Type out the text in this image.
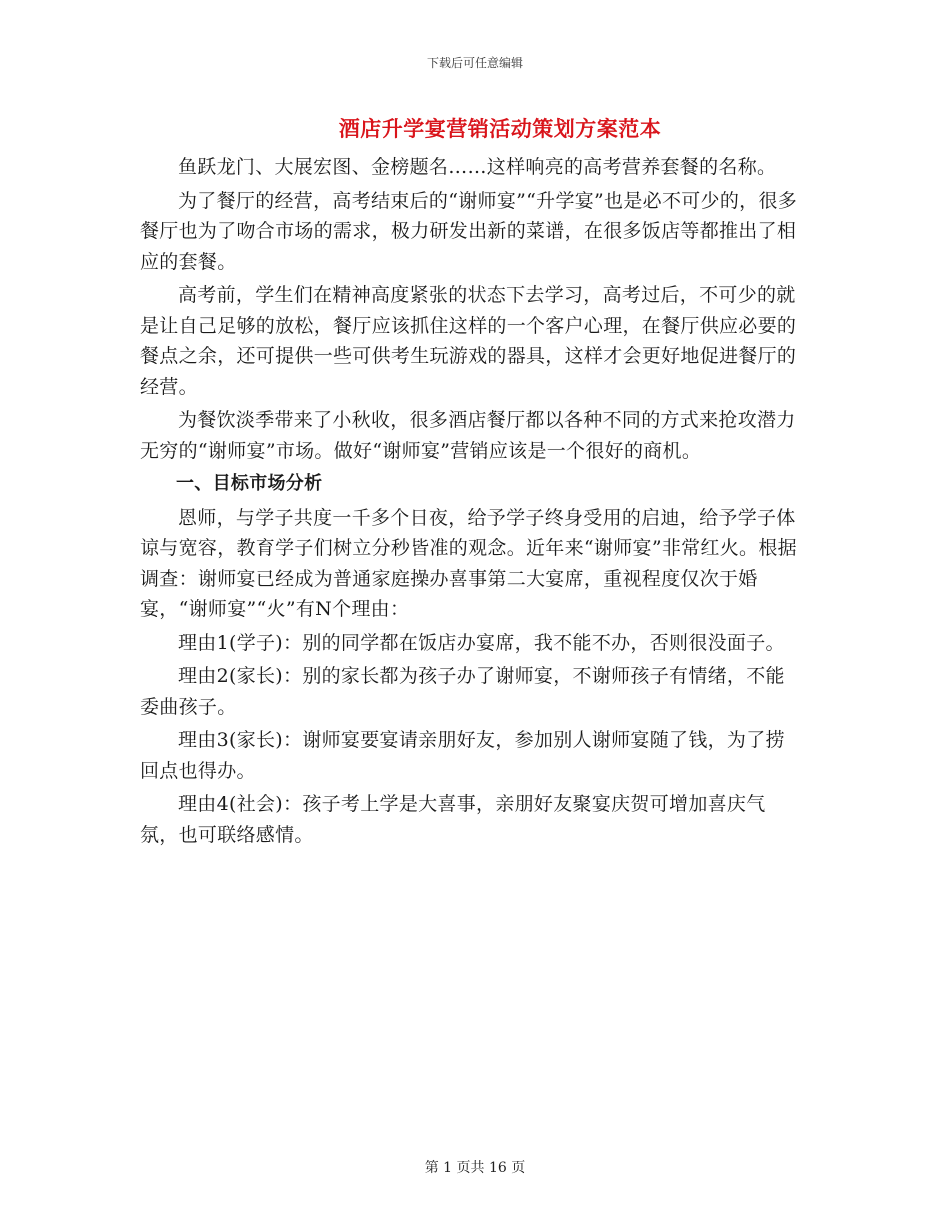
下载后可任意编辑
酒店升学宴营销活动策划方案范本

鱼跃龙门、大展宏图、金榜题名……这样响亮的高考营养套餐的名称。

为了餐厅的经营，高考结束后的“谢师宴”“升学宴”也是必不可少的，很多餐厅也为了吻合市场的需求，极力研发出新的菜谱，在很多饭店等都推出了相应的套餐。

高考前，学生们在精神高度紧张的状态下去学习，高考过后，不可少的就是让自己足够的放松，餐厅应该抓住这样的一个客户心理，在餐厅供应必要的餐点之余，还可提供一些可供考生玩游戏的器具，这样才会更好地促进餐厅的经营。

为餐饮淡季带来了小秋收，很多酒店餐厅都以各种不同的方式来抢攻潜力无穷的“谢师宴”市场。做好“谢师宴”营销应该是一个很好的商机。

一、目标市场分析

恩师，与学子共度一千多个日夜，给予学子终身受用的启迪，给予学子体谅与宽容，教育学子们树立分秒皆准的观念。近年来“谢师宴”非常红火。根据调查：谢师宴已经成为普通家庭操办喜事第二大宴席，重视程度仅次于婚宴，“谢师宴”“火”有N个理由：

理由1(学子)：别的同学都在饭店办宴席，我不能不办，否则很没面子。

理由2(家长)：别的家长都为孩子办了谢师宴，不谢师孩子有情绪，不能委曲孩子。

理由3(家长)：谢师宴要宴请亲朋好友，参加别人谢师宴随了钱，为了捞回点也得办。

理由4(社会)：孩子考上学是大喜事，亲朋好友聚宴庆贺可增加喜庆气氛，也可联络感情。

第 1 页共 16 页
